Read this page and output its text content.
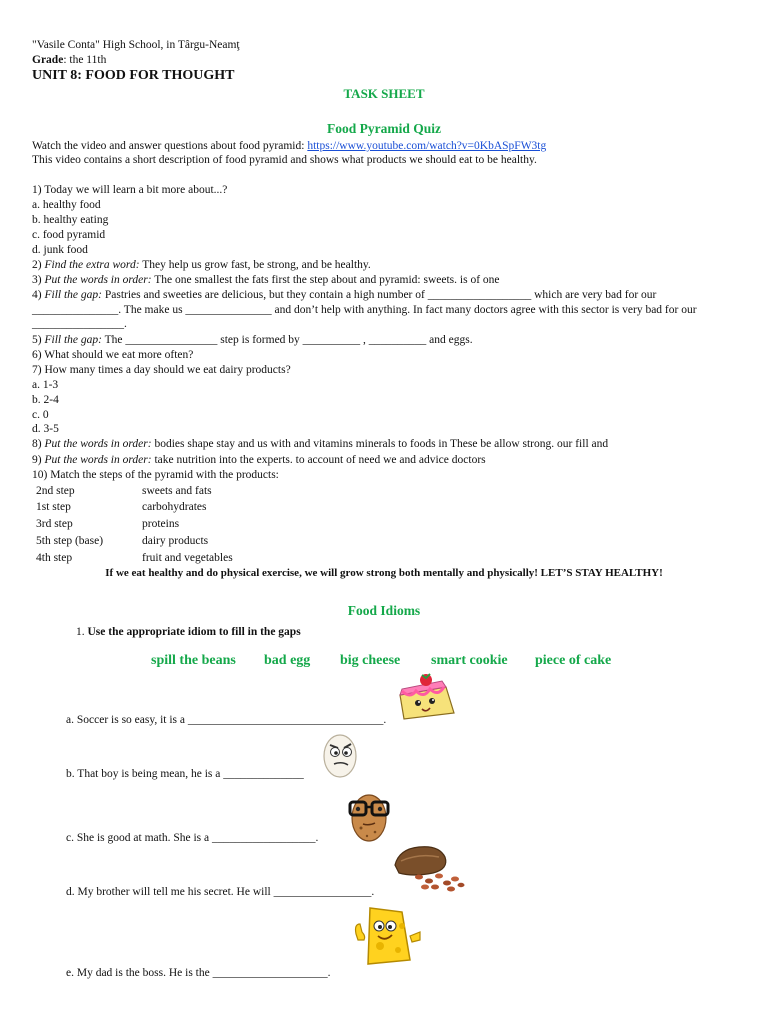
"Vasile Conta" High School, in Târgu-Neamţ
Grade: the 11th
UNIT 8: FOOD FOR THOUGHT
TASK SHEET
Food Pyramid Quiz
Watch the video and answer questions about food pyramid: https://www.youtube.com/watch?v=0KbASpFW3tg
This video contains a short description of food pyramid and shows what products we should eat to be healthy.
1) Today we will learn a bit more about...?
a. healthy food
b. healthy eating
c. food pyramid
d. junk food
2) Find the extra word: They help us grow fast, be strong, and be healthy.
3) Put the words in order: The one smallest the fats first the step about and pyramid: sweets. is of one
4) Fill the gap: Pastries and sweeties are delicious, but they contain a high number of __________________ which are very bad for our
_______________. The make us _______________ and don’t help with anything. In fact many doctors agree with this sector is very bad for our
________________.
5) Fill the gap: The ________________ step is formed by __________ , __________ and eggs.
6) What should we eat more often?
7) How many times a day should we eat dairy products?
a. 1-3
b. 2-4
c. 0
d. 3-5
8) Put the words in order: bodies shape stay and us with and vitamins minerals to foods in These be allow strong. our fill and
9) Put the words in order: take nutrition into the experts. to account of need we and advice doctors
10) Match the steps of the pyramid with the products:
2nd step	sweets and fats
1st step	carbohydrates
3rd step	proteins
5th step (base)	dairy products
4th step	fruit and vegetables
If we eat healthy and do physical exercise, we will grow strong both mentally and physically! LET’S STAY HEALTHY!
Food Idioms
1. Use the appropriate idiom to fill in the gaps
spill the beans bad egg big cheese smart cookie piece of cake
a. Soccer is so easy, it is a __________________________________.
b. That boy is being mean, he is a ______________
c. She is good at math. She is a __________________.
d. My brother will tell me his secret. He will _________________.
e. My dad is the boss. He is the ____________________.
